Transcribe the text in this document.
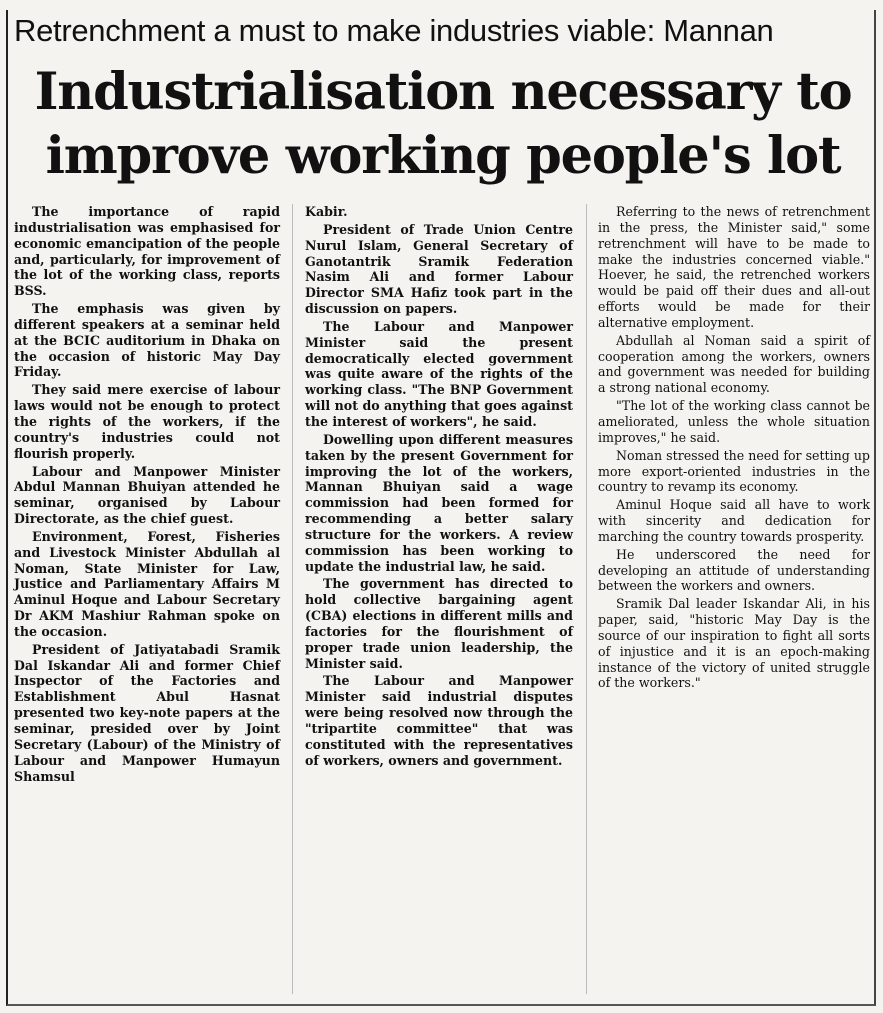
Retrenchment a must to make industries viable: Mannan
Industrialisation necessary to
improve working people's lot

The importance of rapid industrialisation was emphasised for economic emancipation of the people and, particularly, for improvement of the lot of the working class, reports BSS.

The emphasis was given by different speakers at a seminar held at the BCIC auditorium in Dhaka on the occasion of historic May Day Friday.

They said mere exercise of labour laws would not be enough to protect the rights of the workers, if the country's industries could not flourish properly.

Labour and Manpower Minister Abdul Mannan Bhuiyan attended he seminar, organised by Labour Directorate, as the chief guest.

Environment, Forest, Fisheries and Livestock Minister Abdullah al Noman, State Minister for Law, Justice and Parliamentary Affairs M Aminul Hoque and Labour Secretary Dr AKM Mashiur Rahman spoke on the occasion.

President of Jatiyatabadi Sramik Dal Iskandar Ali and former Chief Inspector of the Factories and Establishment Abul Hasnat presented two key-note papers at the seminar, presided over by Joint Secretary (Labour) of the Ministry of Labour and Manpower Humayun Shamsul

Kabir.

President of Trade Union Centre Nurul Islam, General Secretary of Ganotantrik Sramik Federation Nasim Ali and former Labour Director SMA Hafiz took part in the discussion on papers.

The Labour and Manpower Minister said the present democratically elected government was quite aware of the rights of the working class. "The BNP Government will not do anything that goes against the interest of workers", he said.

Dowelling upon different measures taken by the present Government for improving the lot of the workers, Mannan Bhuiyan said a wage commission had been formed for recommending a better salary structure for the workers. A review commission has been working to update the industrial law, he said.

The government has directed to hold collective bargaining agent (CBA) elections in different mills and factories for the flourishment of proper trade union leadership, the Minister said.

The Labour and Manpower Minister said industrial disputes were being resolved now through the "tripartite committee" that was constituted with the representatives of workers, owners and government.

Referring to the news of retrenchment in the press, the Minister said," some retrenchment will have to be made to make the industries concerned viable." Hoever, he said, the retrenched workers would be paid off their dues and all-out efforts would be made for their alternative employment.

Abdullah al Noman said a spirit of cooperation among the workers, owners and government was needed for building a strong national economy.

"The lot of the working class cannot be ameliorated, unless the whole situation improves," he said.

Noman stressed the need for setting up more export-oriented industries in the country to revamp its economy.

Aminul Hoque said all have to work with sincerity and dedication for marching the country towards prosperity.

He underscored the need for developing an attitude of understanding between the workers and owners.

Sramik Dal leader Iskandar Ali, in his paper, said, "historic May Day is the source of our inspiration to fight all sorts of injustice and it is an epoch-making instance of the victory of united struggle of the workers."
